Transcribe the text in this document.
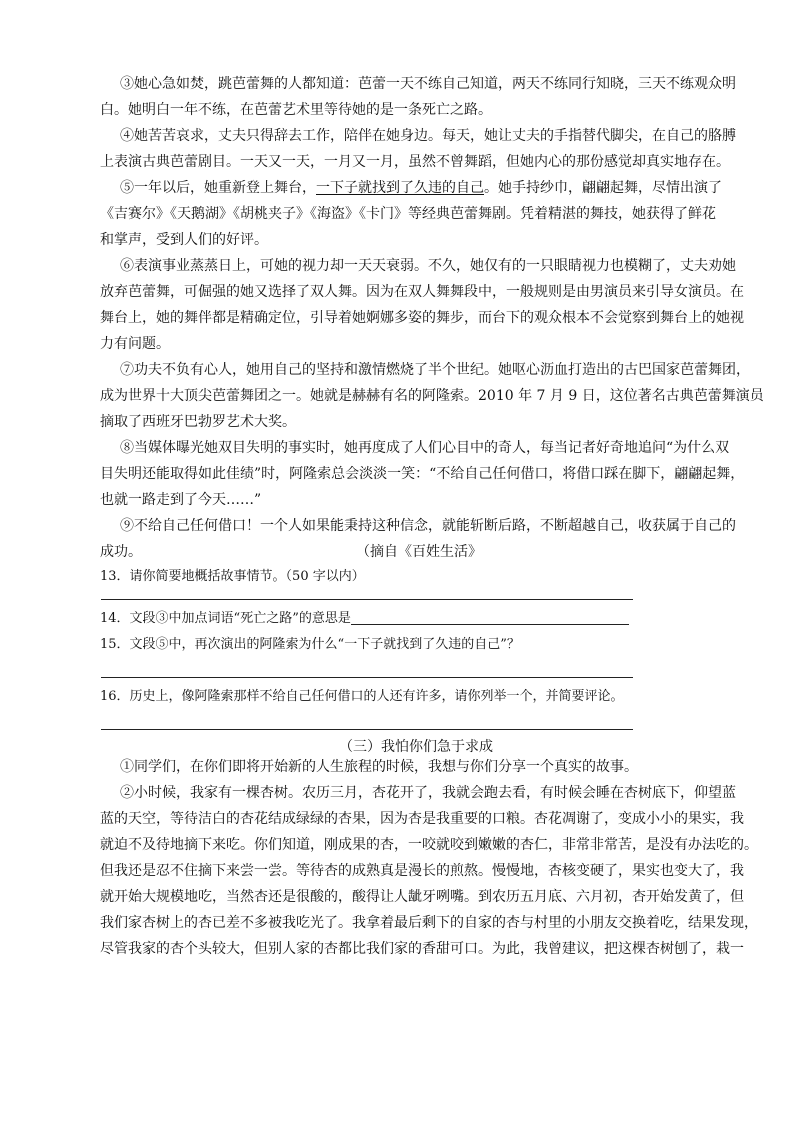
③她心急如焚，跳芭蕾舞的人都知道：芭蕾一天不练自己知道，两天不练同行知晓，三天不练观众明
白。她明白一年不练，在芭蕾艺术里等待她的是一条死亡之路。
④她苦苦哀求，丈夫只得辞去工作，陪伴在她身边。每天，她让丈夫的手指替代脚尖，在自己的胳膊
上表演古典芭蕾剧目。一天又一天，一月又一月，虽然不曾舞蹈，但她内心的那份感觉却真实地存在。
⑤一年以后，她重新登上舞台，一下子就找到了久违的自己。她手持纱巾，翩翩起舞，尽情出演了
《吉赛尔》《天鹅湖》《胡桃夹子》《海盗》《卡门》等经典芭蕾舞剧。凭着精湛的舞技，她获得了鲜花
和掌声，受到人们的好评。
⑥表演事业蒸蒸日上，可她的视力却一天天衰弱。不久，她仅有的一只眼睛视力也模糊了，丈夫劝她
放弃芭蕾舞，可倔强的她又选择了双人舞。因为在双人舞舞段中，一般规则是由男演员来引导女演员。在
舞台上，她的舞伴都是精确定位，引导着她婀娜多姿的舞步，而台下的观众根本不会觉察到舞台上的她视
力有问题。
⑦功夫不负有心人，她用自己的坚持和激情燃烧了半个世纪。她呕心沥血打造出的古巴国家芭蕾舞团，
成为世界十大顶尖芭蕾舞团之一。她就是赫赫有名的阿隆索。2010 年 7 月 9 日，这位著名古典芭蕾舞演员
摘取了西班牙巴勃罗艺术大奖。
⑧当媒体曝光她双目失明的事实时，她再度成了人们心目中的奇人，每当记者好奇地追问“为什么双
目失明还能取得如此佳绩”时，阿隆索总会淡淡一笑：“不给自己任何借口，将借口踩在脚下，翩翩起舞，
也就一路走到了今天……”
⑨不给自己任何借口！一个人如果能秉持这种信念，就能斩断后路，不断超越自己，收获属于自己的
成功。	（摘自《百姓生活》
13．请你简要地概括故事情节。（50 字以内）
14．文段③中加点词语“死亡之路”的意思是
15．文段⑤中，再次演出的阿隆索为什么“一下子就找到了久违的自己”？
16．历史上，像阿隆索那样不给自己任何借口的人还有许多，请你列举一个，并简要评论。
（三）我怕你们急于求成
①同学们，在你们即将开始新的人生旅程的时候，我想与你们分享一个真实的故事。
②小时候，我家有一棵杏树。农历三月，杏花开了，我就会跑去看，有时候会睡在杏树底下，仰望蓝
蓝的天空，等待洁白的杏花结成绿绿的杏果，因为杏是我重要的口粮。杏花凋谢了，变成小小的果实，我
就迫不及待地摘下来吃。你们知道，刚成果的杏，一咬就咬到嫩嫩的杏仁，非常非常苦，是没有办法吃的。
但我还是忍不住摘下来尝一尝。等待杏的成熟真是漫长的煎熬。慢慢地，杏核变硬了，果实也变大了，我
就开始大规模地吃，当然杏还是很酸的，酸得让人龇牙咧嘴。到农历五月底、六月初，杏开始发黄了，但
我们家杏树上的杏已差不多被我吃光了。我拿着最后剩下的自家的杏与村里的小朋友交换着吃，结果发现，
尽管我家的杏个头较大，但别人家的杏都比我们家的香甜可口。为此，我曾建议，把这棵杏树刨了，栽一
